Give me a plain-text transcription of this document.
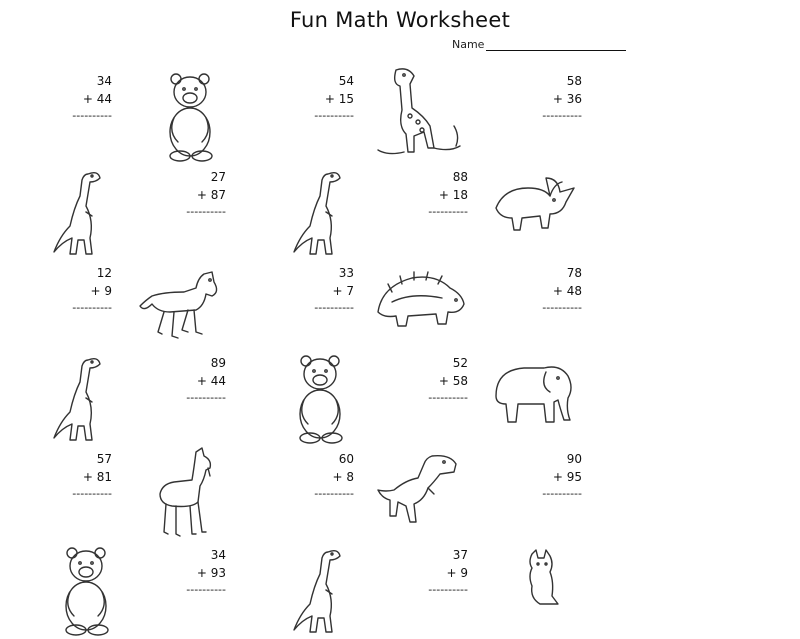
Fun Math Worksheet
Name
34
+ 44
----------
54
+ 15
----------
58
+ 36
----------
27
+ 87
----------
88
+ 18
----------
12
+ 9
----------
33
+ 7
----------
78
+ 48
----------
89
+ 44
----------
52
+ 58
----------
57
+ 81
----------
60
+ 8
----------
90
+ 95
----------
34
+ 93
----------
37
+ 9
----------
